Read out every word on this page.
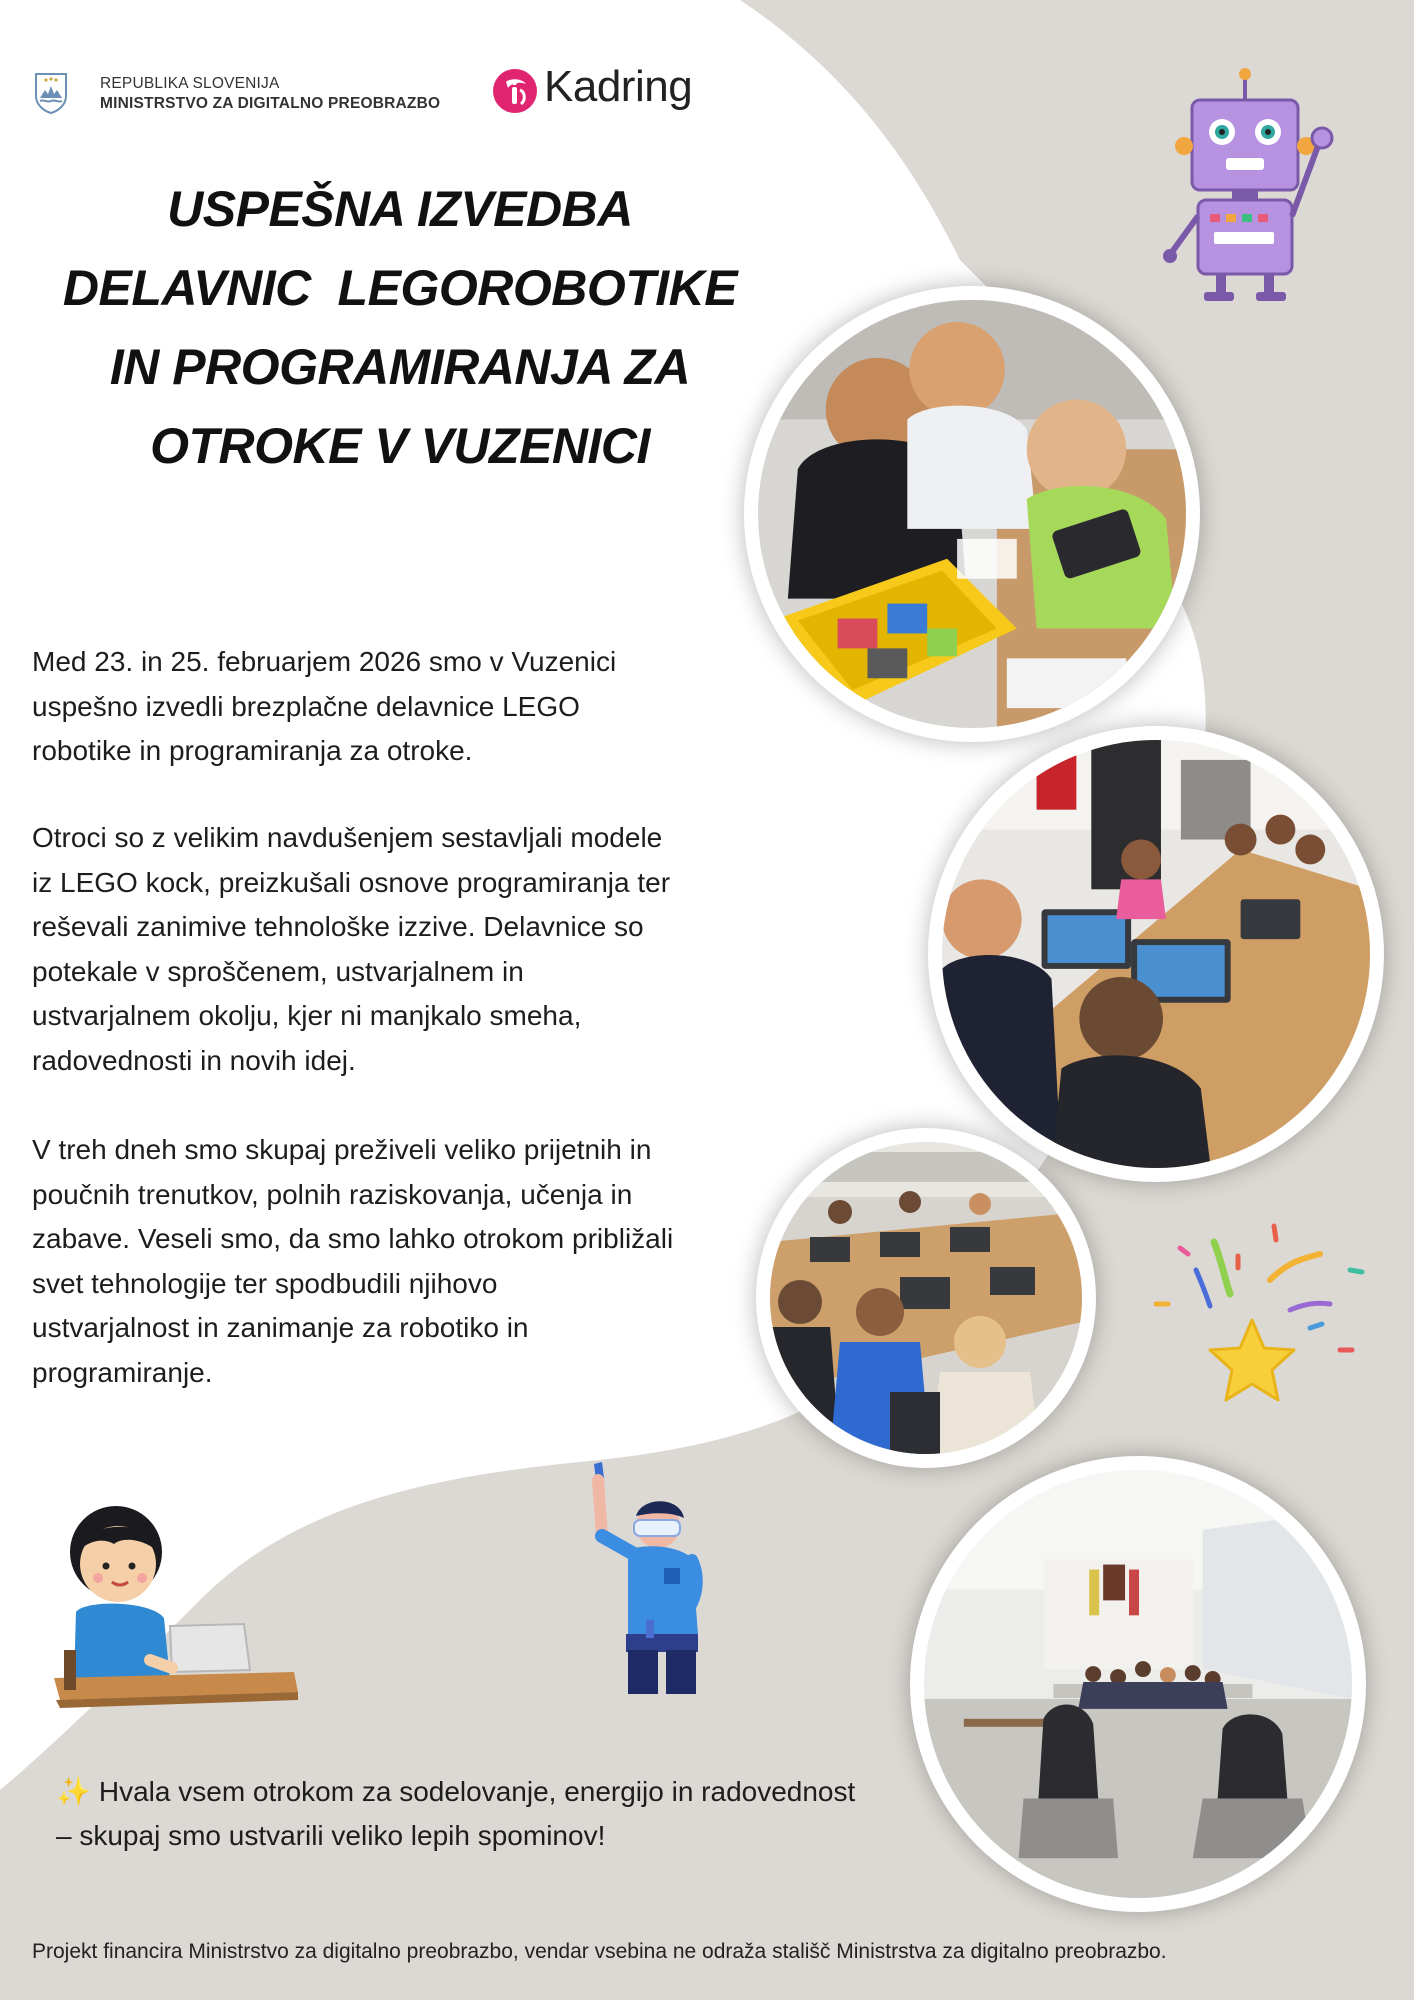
REPUBLIKA SLOVENIJA
MINISTRSTVO ZA DIGITALNO PREOBRAZBO Kadring
USPEŠNA IZVEDBA
DELAVNIC  LEGOROBOTIKE
IN PROGRAMIRANJA ZA
OTROKE V VUZENICI
Med 23. in 25. februarjem 2026 smo v Vuzenici
uspešno izvedli brezplačne delavnice LEGO
robotike in programiranja za otroke.
Otroci so z velikim navdušenjem sestavljali modele
iz LEGO kock, preizkušali osnove programiranja ter
reševali zanimive tehnološke izzive. Delavnice so
potekale v sproščenem, ustvarjalnem in
ustvarjalnem okolju, kjer ni manjkalo smeha,
radovednosti in novih idej.
V treh dneh smo skupaj preživeli veliko prijetnih in
poučnih trenutkov, polnih raziskovanja, učenja in
zabave. Veseli smo, da smo lahko otrokom približali
svet tehnologije ter spodbudili njihovo
ustvarjalnost in zanimanje za robotiko in
programiranje.
✨ Hvala vsem otrokom za sodelovanje, energijo in radovednost
– skupaj smo ustvarili veliko lepih spominov!
Projekt financira Ministrstvo za digitalno preobrazbo, vendar vsebina ne odraža stališč Ministrstva za digitalno preobrazbo.
